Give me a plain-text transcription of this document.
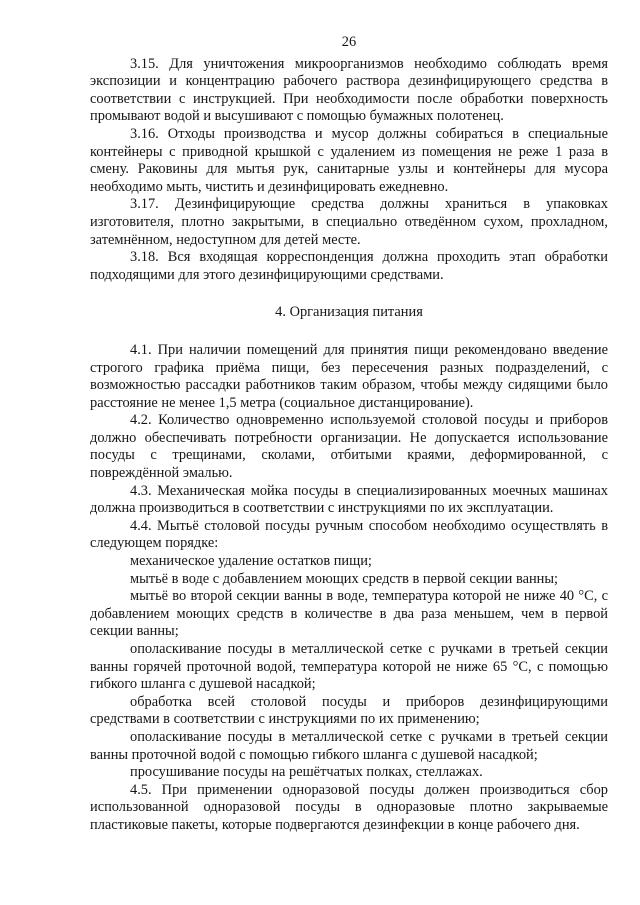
26

3.15. Для уничтожения микроорганизмов необходимо соблюдать время экспозиции и концентрацию рабочего раствора дезинфицирующего средства в соответствии с инструкцией. При необходимости после обработки поверхность промывают водой и высушивают с помощью бумажных полотенец.

3.16. Отходы производства и мусор должны собираться в специальные контейнеры с приводной крышкой с удалением из помещения не реже 1 раза в смену. Раковины для мытья рук, санитарные узлы и контейнеры для мусора необходимо мыть, чистить и дезинфицировать ежедневно.

3.17. Дезинфицирующие средства должны храниться в упаковках изготовителя, плотно закрытыми, в специально отведённом сухом, прохладном, затемнённом, недоступном для детей месте.

3.18. Вся входящая корреспонденция должна проходить этап обработки подходящими для этого дезинфицирующими средствами.

4. Организация питания

4.1. При наличии помещений для принятия пищи рекомендовано введение строгого графика приёма пищи, без пересечения разных подразделений, с возможностью рассадки работников таким образом, чтобы между сидящими было расстояние не менее 1,5 метра (социальное дистанцирование).

4.2. Количество одновременно используемой столовой посуды и приборов должно обеспечивать потребности организации. Не допускается использование посуды с трещинами, сколами, отбитыми краями, деформированной, с повреждённой эмалью.

4.3. Механическая мойка посуды в специализированных моечных машинах должна производиться в соответствии с инструкциями по их эксплуатации.

4.4. Мытьё столовой посуды ручным способом необходимо осуществлять в следующем порядке:

механическое удаление остатков пищи;

мытьё в воде с добавлением моющих средств в первой секции ванны;

мытьё во второй секции ванны в воде, температура которой не ниже 40 °С, с добавлением моющих средств в количестве в два раза меньшем, чем в первой секции ванны;

ополаскивание посуды в металлической сетке с ручками в третьей секции ванны горячей проточной водой, температура которой не ниже 65 °С, с помощью гибкого шланга с душевой насадкой;

обработка всей столовой посуды и приборов дезинфицирующими средствами в соответствии с инструкциями по их применению;

ополаскивание посуды в металлической сетке с ручками в третьей секции ванны проточной водой с помощью гибкого шланга с душевой насадкой;

просушивание посуды на решётчатых полках, стеллажах.

4.5. При применении одноразовой посуды должен производиться сбор использованной одноразовой посуды в одноразовые плотно закрываемые пластиковые пакеты, которые подвергаются дезинфекции в конце рабочего дня.
